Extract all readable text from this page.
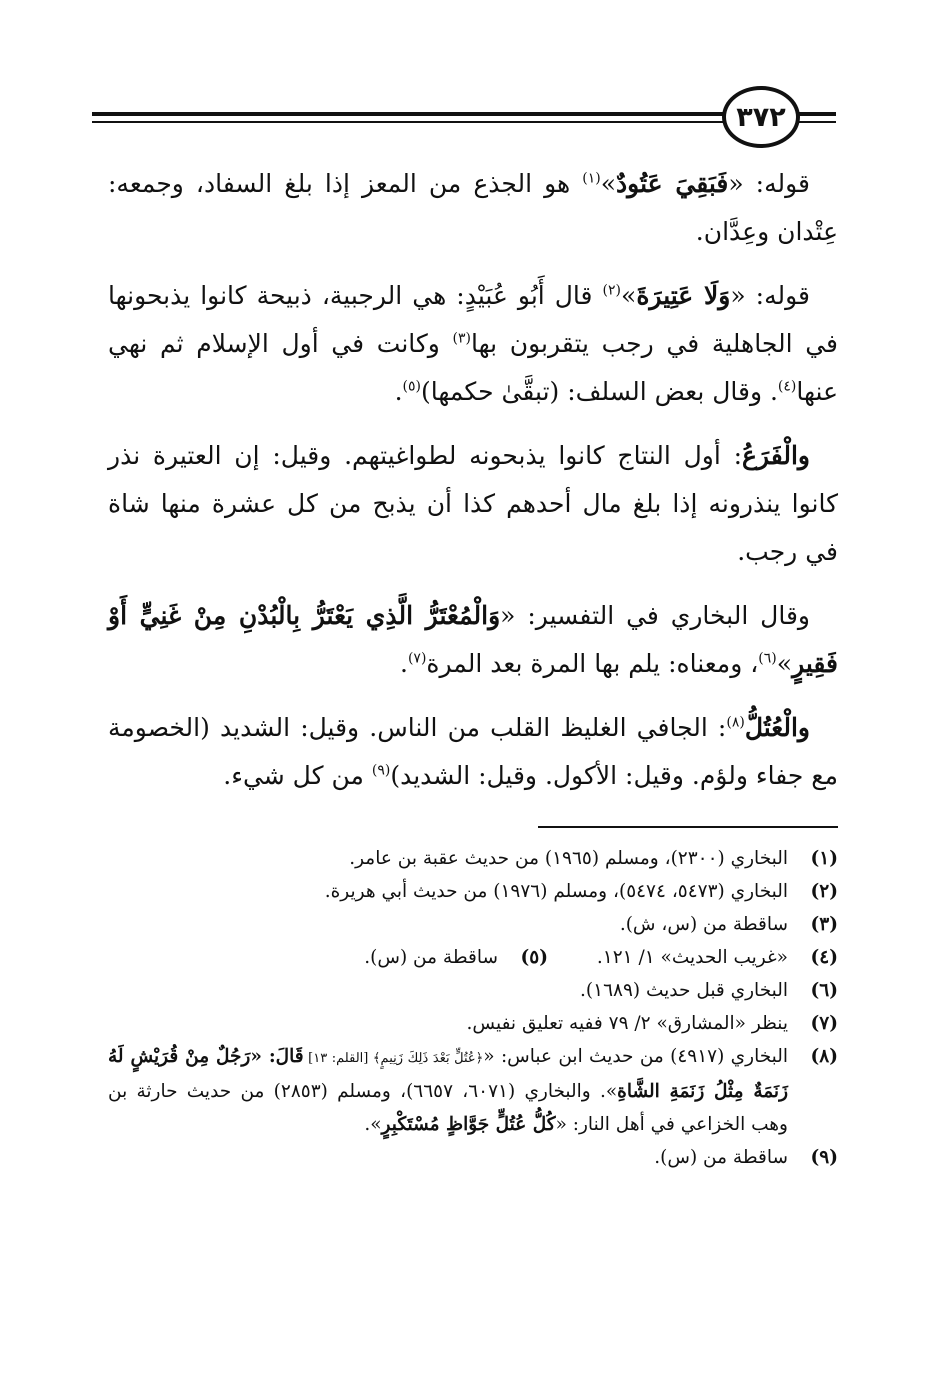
٣٧٢

قوله: «فَبَقِيَ عَتُودٌ»$^{(١)}$ هو الجذع من المعز إذا بلغ السفاد، وجمعه: عِتْدان وعِدَّان.

قوله: «وَلَا عَتِيرَةَ»$^{(٢)}$ قال أَبُو عُبَيْدٍ: هي الرجبية، ذبيحة كانوا يذبحونها في الجاهلية في رجب يتقربون بها$^{(٣)}$ وكانت في أول الإسلام ثم نهي عنها$^{(٤)}$. وقال بعض السلف: (تبقَّىٰ حكمها)$^{(٥)}$.

والْفَرَعُ: أول النتاج كانوا يذبحونه لطواغيتهم. وقيل: إن العتيرة نذر كانوا ينذرونه إذا بلغ مال أحدهم كذا أن يذبح من كل عشرة منها شاة في رجب.

وقال البخاري في التفسير: «وَالْمُعْتَرُّ الَّذِي يَعْتَرُّ بِالْبُدْنِ مِنْ غَنِيٍّ أَوْ فَقِيرٍ»$^{(٦)}$، ومعناه: يلم بها المرة بعد المرة$^{(٧)}$.

والْعُتُلُّ$^{(٨)}$: الجافي الغليظ القلب من الناس. وقيل: الشديد (الخصومة مع جفاء ولؤم. وقيل: الأكول. وقيل: الشديد)$^{(٩)}$ من كل شيء.

(١)
البخاري (٢٣٠٠)، ومسلم (١٩٦٥) من حديث عقبة بن عامر.
(٢)
البخاري (٥٤٧٣، ٥٤٧٤)، ومسلم (١٩٧٦) من حديث أبي هريرة.
(٣)
ساقطة من (س، ش).
(٤)
«غريب الحديث» ١/ ١٢١.
(٥)
ساقطة من (س).
(٦)
البخاري قبل حديث (١٦٨٩).
(٧)
ينظر «المشارق» ٢/ ٧٩ ففيه تعليق نفيس.
(٨)
البخاري (٤٩١٧) من حديث ابن عباس: «﴿عُتُلٍّ بَعْدَ ذَلِكَ زَنِيمٍ﴾ [القلم: ١٣] قَالَ: «رَجُلٌ مِنْ قُرَيْشٍ لَهُ زَنَمَةٌ مِثْلُ زَنَمَةِ الشَّاةِ». والبخاري (٦٠٧١، ٦٦٥٧)، ومسلم (٢٨٥٣) من حديث حارثة بن وهب الخزاعي في أهل النار: «كُلُّ عُتُلٍّ جَوَّاظٍ مُسْتَكْبِرٍ».
(٩)
ساقطة من (س).
